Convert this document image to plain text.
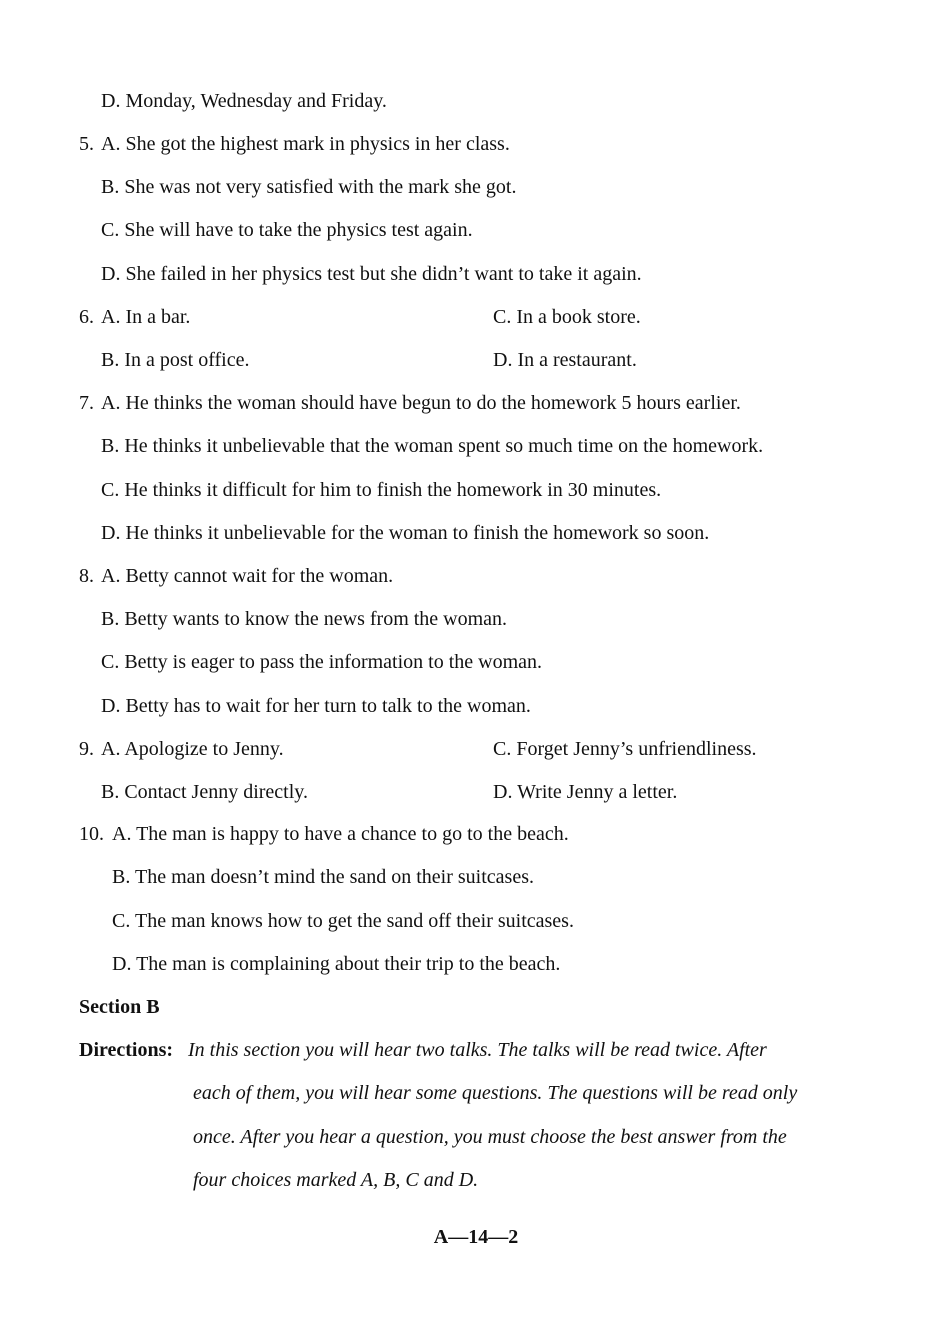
D. Monday, Wednesday and Friday.
5. A. She got the highest mark in physics in her class.
B. She was not very satisfied with the mark she got.
C. She will have to take the physics test again.
D. She failed in her physics test but she didn’t want to take it again.
6. A. In a bar.	C. In a book store.
B. In a post office.	D. In a restaurant.
7. A. He thinks the woman should have begun to do the homework 5 hours earlier.
B. He thinks it unbelievable that the woman spent so much time on the homework.
C. He thinks it difficult for him to finish the homework in 30 minutes.
D. He thinks it unbelievable for the woman to finish the homework so soon.
8. A. Betty cannot wait for the woman.
B. Betty wants to know the news from the woman.
C. Betty is eager to pass the information to the woman.
D. Betty has to wait for her turn to talk to the woman.
9. A. Apologize to Jenny.	C. Forget Jenny’s unfriendliness.
B. Contact Jenny directly.	D. Write Jenny a letter.
10. A. The man is happy to have a chance to go to the beach.
B. The man doesn’t mind the sand on their suitcases.
C. The man knows how to get the sand off their suitcases.
D. The man is complaining about their trip to the beach.
Section B
Directions: In this section you will hear two talks. The talks will be read twice. After
each of them, you will hear some questions. The questions will be read only
once. After you hear a question, you must choose the best answer from the
four choices marked A, B, C and D.
A—14—2
